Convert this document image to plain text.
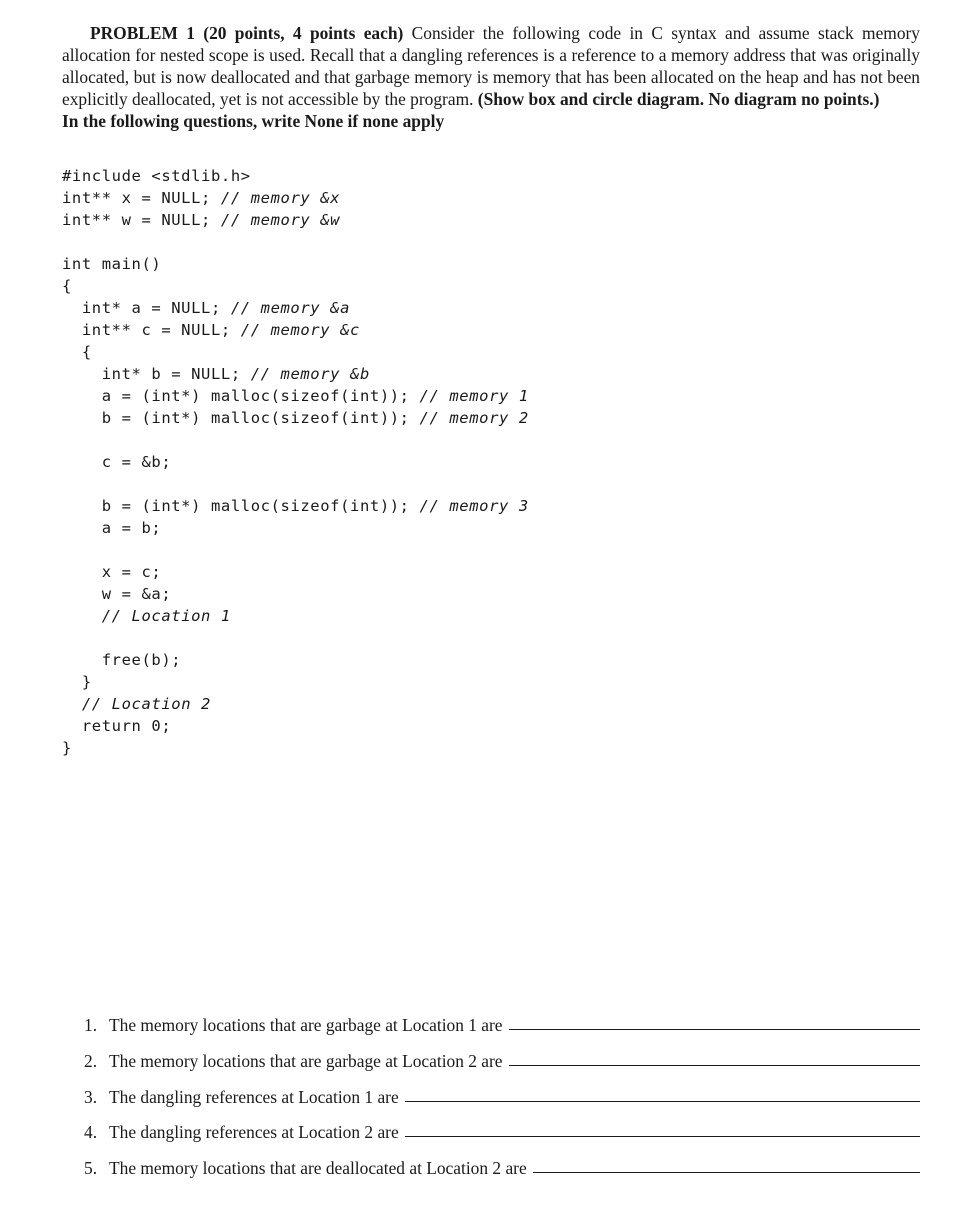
PROBLEM 1 (20 points, 4 points each) Consider the following code in C syntax and assume stack memory allocation for nested scope is used. Recall that a dangling references is a reference to a memory address that was originally allocated, but is now deallocated and that garbage memory is memory that has been allocated on the heap and has not been explicitly deallocated, yet is not accessible by the program. (Show box and circle diagram. No diagram no points.)

In the following questions, write None if none apply

#include <stdlib.h>
int** x = NULL; // memory &x
int** w = NULL; // memory &w
int main()
{
int* a = NULL; // memory &a
int** c = NULL; // memory &c
{
int* b = NULL; // memory &b
a = (int*) malloc(sizeof(int)); // memory 1
b = (int*) malloc(sizeof(int)); // memory 2
c = &b;
b = (int*) malloc(sizeof(int)); // memory 3
a = b;
x = c;
w = &a;
// Location 1
free(b);
}
// Location 2
return 0;
}
1. The memory locations that are garbage at Location 1 are
2. The memory locations that are garbage at Location 2 are
3. The dangling references at Location 1 are
4. The dangling references at Location 2 are
5. The memory locations that are deallocated at Location 2 are
